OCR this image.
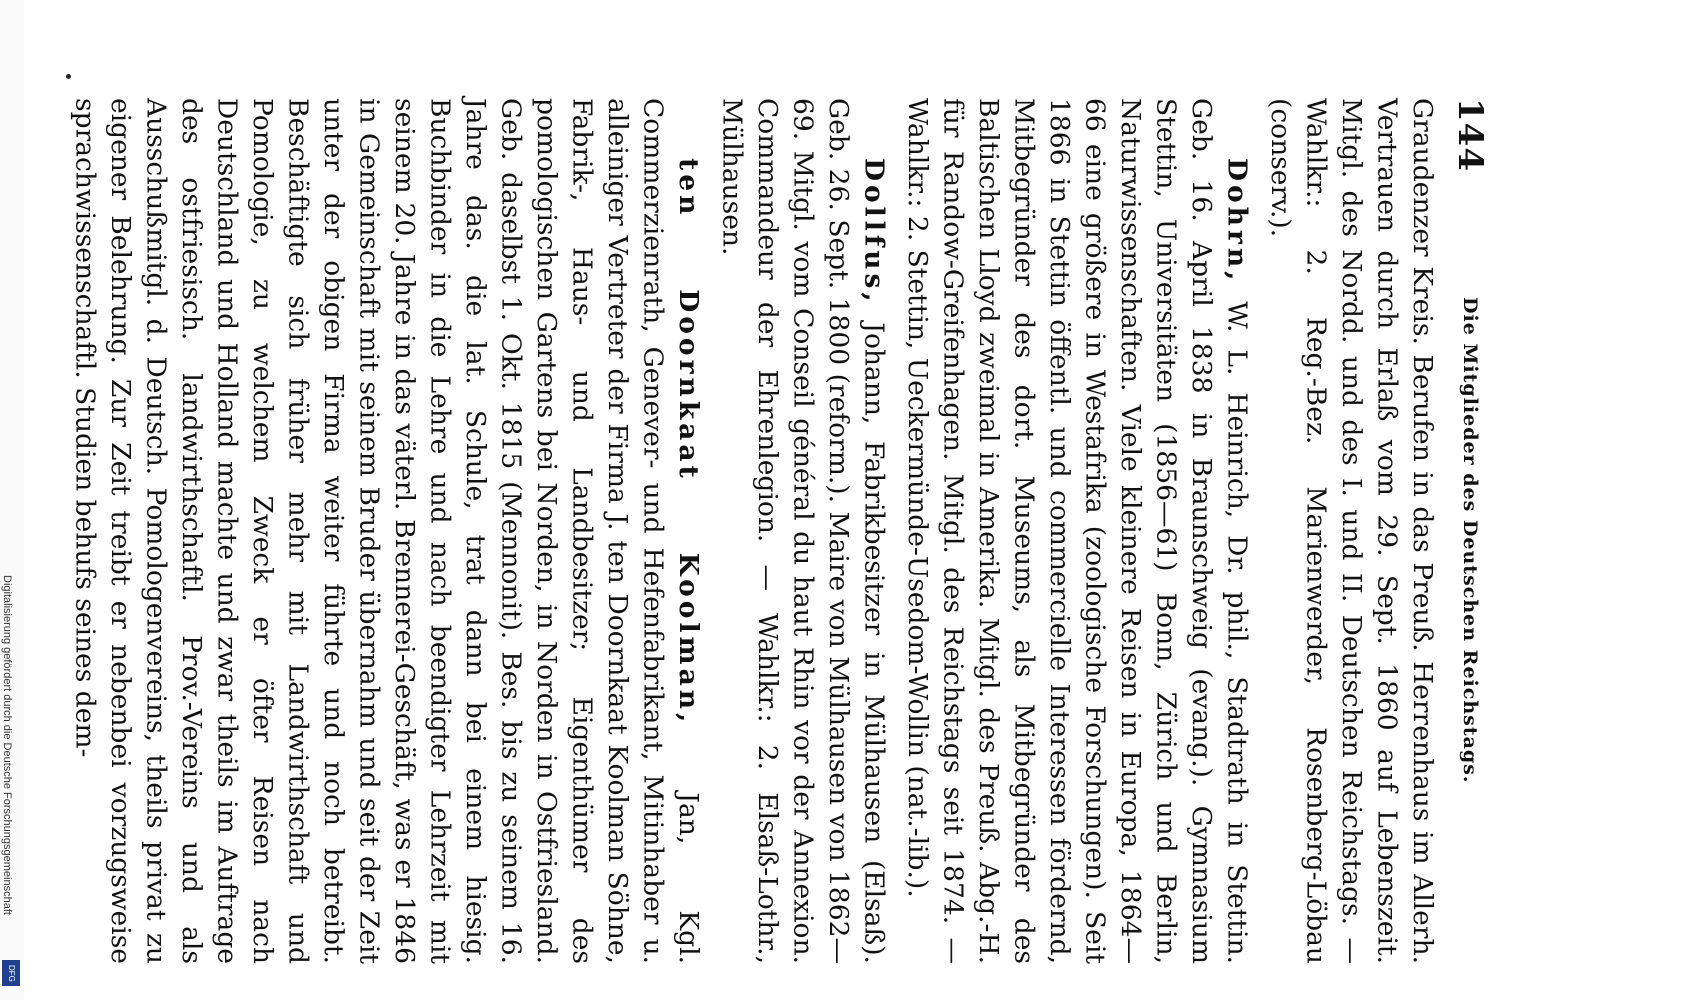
Digitalisierung gefördert durch die Deutsche Forschungsgemeinschaft
DFG
144 Die Mitglieder des Deutschen Reichstags.

Graudenzer Kreis. Berufen in das Preuß. Herrenhaus im Allerh. Vertrauen durch Erlaß vom 29. Sept. 1860 auf Lebenszeit. Mitgl. des Nordd. und des I. und II. Deutschen Reichstags. — Wahlkr.: 2. Reg.-Bez. Marienwerder, Rosenberg-Löbau (conserv.).

Dohrn, W. L. Heinrich, Dr. phil., Stadtrath in Stettin. Geb. 16. April 1838 in Braunschweig (evang.). Gymnasium Stettin, Universitäten (1856—61) Bonn, Zürich und Berlin, Naturwissenschaften. Viele kleinere Reisen in Europa, 1864—66 eine größere in Westafrika (zoologische Forschungen). Seit 1866 in Stettin öffentl. und commercielle Interessen fördernd, Mitbegründer des dort. Museums, als Mitbegründer des Baltischen Lloyd zweimal in Amerika. Mitgl. des Preuß. Abg.-H. für Randow-Greifenhagen. Mitgl. des Reichstags seit 1874. — Wahlkr.: 2. Stettin, Ueckermünde-Usedom-Wollin (nat.-lib.).

Dollfus, Johann, Fabrikbesitzer in Mülhausen (Elsaß). Geb. 26. Sept. 1800 (reform.). Maire von Mülhausen von 1862—69. Mitgl. vom Conseil général du haut Rhin vor der Annexion. Commandeur der Ehrenlegion. — Wahlkr.: 2. Elsaß-Lothr., Mülhausen.

ten Doornkaat Koolman, Jan, Kgl. Commerzienrath, Genever- und Hefenfabrikant, Mitinhaber u. alleiniger Vertreter der Firma J. ten Doornkaat Koolman Söhne, Fabrik-, Haus- und Landbesitzer; Eigenthümer des pomologischen Gartens bei Norden, in Norden in Ostfriesland. Geb. daselbst 1. Okt. 1815 (Mennonit). Bes. bis zu seinem 16. Jahre das. die lat. Schule, trat dann bei einem hiesig. Buchbinder in die Lehre und nach beendigter Lehrzeit mit seinem 20. Jahre in das väterl. Brennerei-Geschäft, was er 1846 in Gemeinschaft mit seinem Bruder übernahm und seit der Zeit unter der obigen Firma weiter führte und noch betreibt. Beschäftigte sich früher mehr mit Landwirthschaft und Pomologie, zu welchem Zweck er öfter Reisen nach Deutschland und Holland machte und zwar theils im Auftrage des ostfriesisch. landwirthschaftl. Prov.-Vereins und als Ausschußmitgl. d. Deutsch. Pomologenvereins, theils privat zu eigener Belehrung. Zur Zeit treibt er nebenbei vorzugsweise sprachwissenschaftl. Studien behufs seines dem-
